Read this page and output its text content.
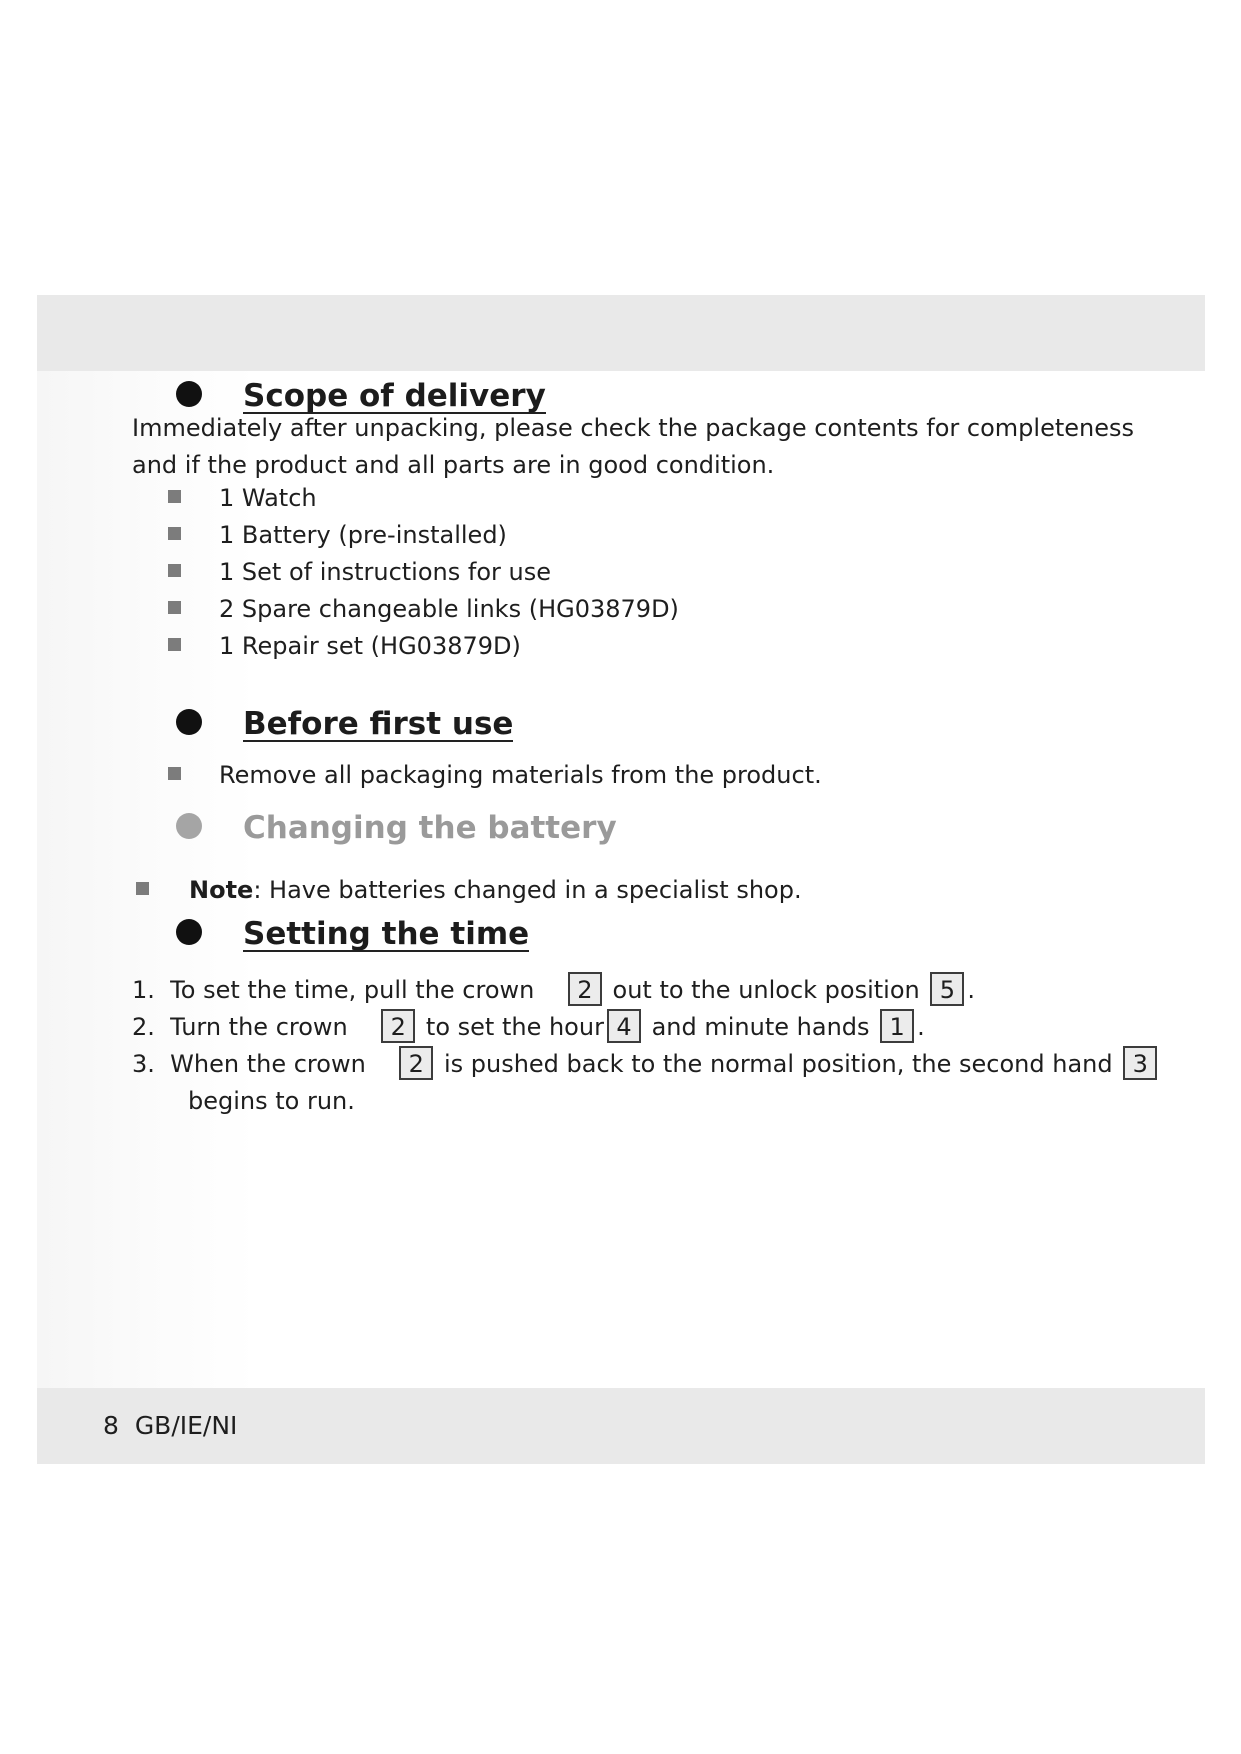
Scope of delivery

Immediately after unpacking, please check the package contents for completeness and if the product and all parts are in good condition.

1 Watch
1 Battery (pre-installed)
1 Set of instructions for use
2 Spare changeable links (HG03879D)
1 Repair set (HG03879D)
Before first use
Remove all packaging materials from the product.
Changing the battery
Note: Have batteries changed in a specialist shop.
Setting the time
1. To set the time, pull the crown 2 out to the unlock position 5 .
2. Turn the crown 2 to set the hour 4 and minute hands 1 .
3. When the crown 2 is pushed back to the normal position, the second hand 3
begins to run.
8 GB/IE/NI
